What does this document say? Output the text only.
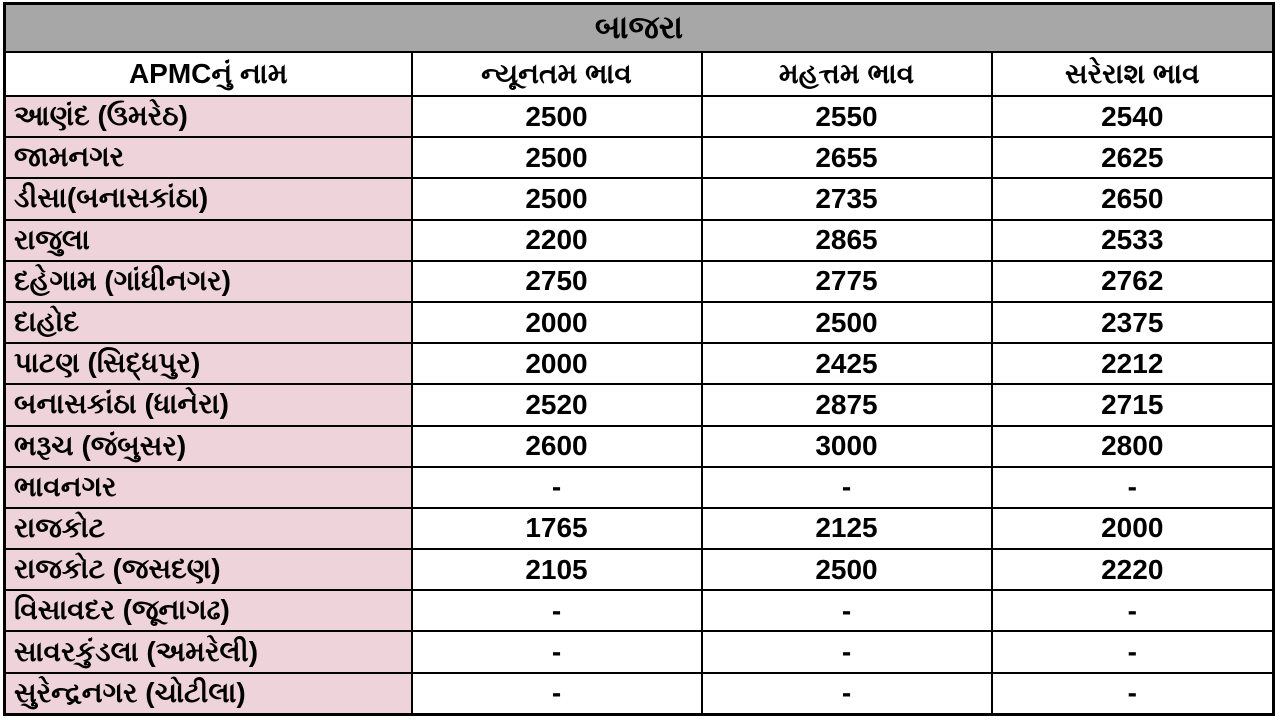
બાજરા			
APMCનું નામ	ન્યૂનતમ ભાવ	મહત્તમ ભાવ	સરેરાશ ભાવ
આણંદ (ઉમરેઠ)	2500	2550	2540
જામનગર	2500	2655	2625
ડીસા(બનાસકાંઠા)	2500	2735	2650
રાજુલા	2200	2865	2533
દહેગામ (ગાંધીનગર)	2750	2775	2762
દાહોદ	2000	2500	2375
પાટણ (સિદ્ધપુર)	2000	2425	2212
બનાસકાંઠા (ધાનેરા)	2520	2875	2715
ભરૂચ (જંબુસર)	2600	3000	2800
ભાવનગર	-	-	-
રાજકોટ	1765	2125	2000
રાજકોટ (જસદણ)	2105	2500	2220
વિસાવદર (જૂનાગઢ)	-	-	-
સાવરકુંડલા (અમરેલી)	-	-	-
સુરેન્દ્રનગર (ચોટીલા)	-	-	-
